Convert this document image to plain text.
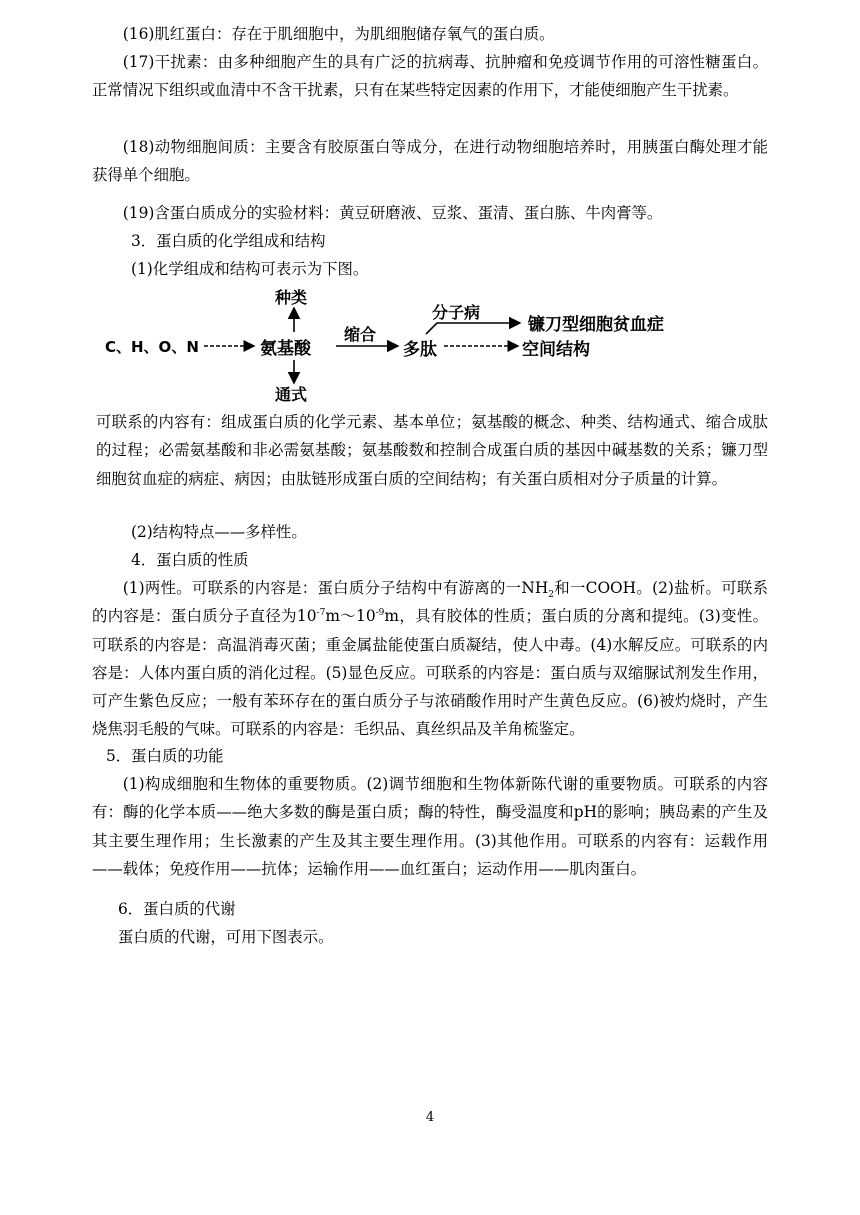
(16)肌红蛋白：存在于肌细胞中，为肌细胞储存氧气的蛋白质。

(17)干扰素：由多种细胞产生的具有广泛的抗病毒、抗肿瘤和免疫调节作用的可溶性糖蛋白。正常情况下组织或血清中不含干扰素，只有在某些特定因素的作用下，才能使细胞产生干扰素。

(18)动物细胞间质：主要含有胶原蛋白等成分，在进行动物细胞培养时，用胰蛋白酶处理才能获得单个细胞。

(19)含蛋白质成分的实验材料：黄豆研磨液、豆浆、蛋清、蛋白胨、牛肉膏等。

3．蛋白质的化学组成和结构

(1)化学组成和结构可表示为下图。

C、H、O、N
种类
氨基酸
通式
缩合
多肽
分子病
镰刀型细胞贫血症
空间结构

可联系的内容有：组成蛋白质的化学元素、基本单位；氨基酸的概念、种类、结构通式、缩合成肽的过程；必需氨基酸和非必需氨基酸；氨基酸数和控制合成蛋白质的基因中碱基数的关系；镰刀型细胞贫血症的病症、病因；由肽链形成蛋白质的空间结构；有关蛋白质相对分子质量的计算。

(2)结构特点——多样性。

4．蛋白质的性质

(1)两性。可联系的内容是：蛋白质分子结构中有游离的一$NH_2$和一COOH。(2)盐析。可联系的内容是：蛋白质分子直径为$10^{-7}m\sim 10^{-9}m$，具有胶体的性质；蛋白质的分离和提纯。(3)变性。可联系的内容是：高温消毒灭菌；重金属盐能使蛋白质凝结，使人中毒。(4)水解反应。可联系的内容是：人体内蛋白质的消化过程。(5)显色反应。可联系的内容是：蛋白质与双缩脲试剂发生作用，可产生紫色反应；一般有苯环存在的蛋白质分子与浓硝酸作用时产生黄色反应。(6)被灼烧时，产生烧焦羽毛般的气味。可联系的内容是：毛织品、真丝织品及羊角梳鉴定。

5．蛋白质的功能

(1)构成细胞和生物体的重要物质。(2)调节细胞和生物体新陈代谢的重要物质。可联系的内容有：酶的化学本质——绝大多数的酶是蛋白质；酶的特性，酶受温度和pH的影响；胰岛素的产生及其主要生理作用；生长激素的产生及其主要生理作用。(3)其他作用。可联系的内容有：运载作用——载体；免疫作用——抗体；运输作用——血红蛋白；运动作用——肌肉蛋白。

6．蛋白质的代谢

蛋白质的代谢，可用下图表示。

4
